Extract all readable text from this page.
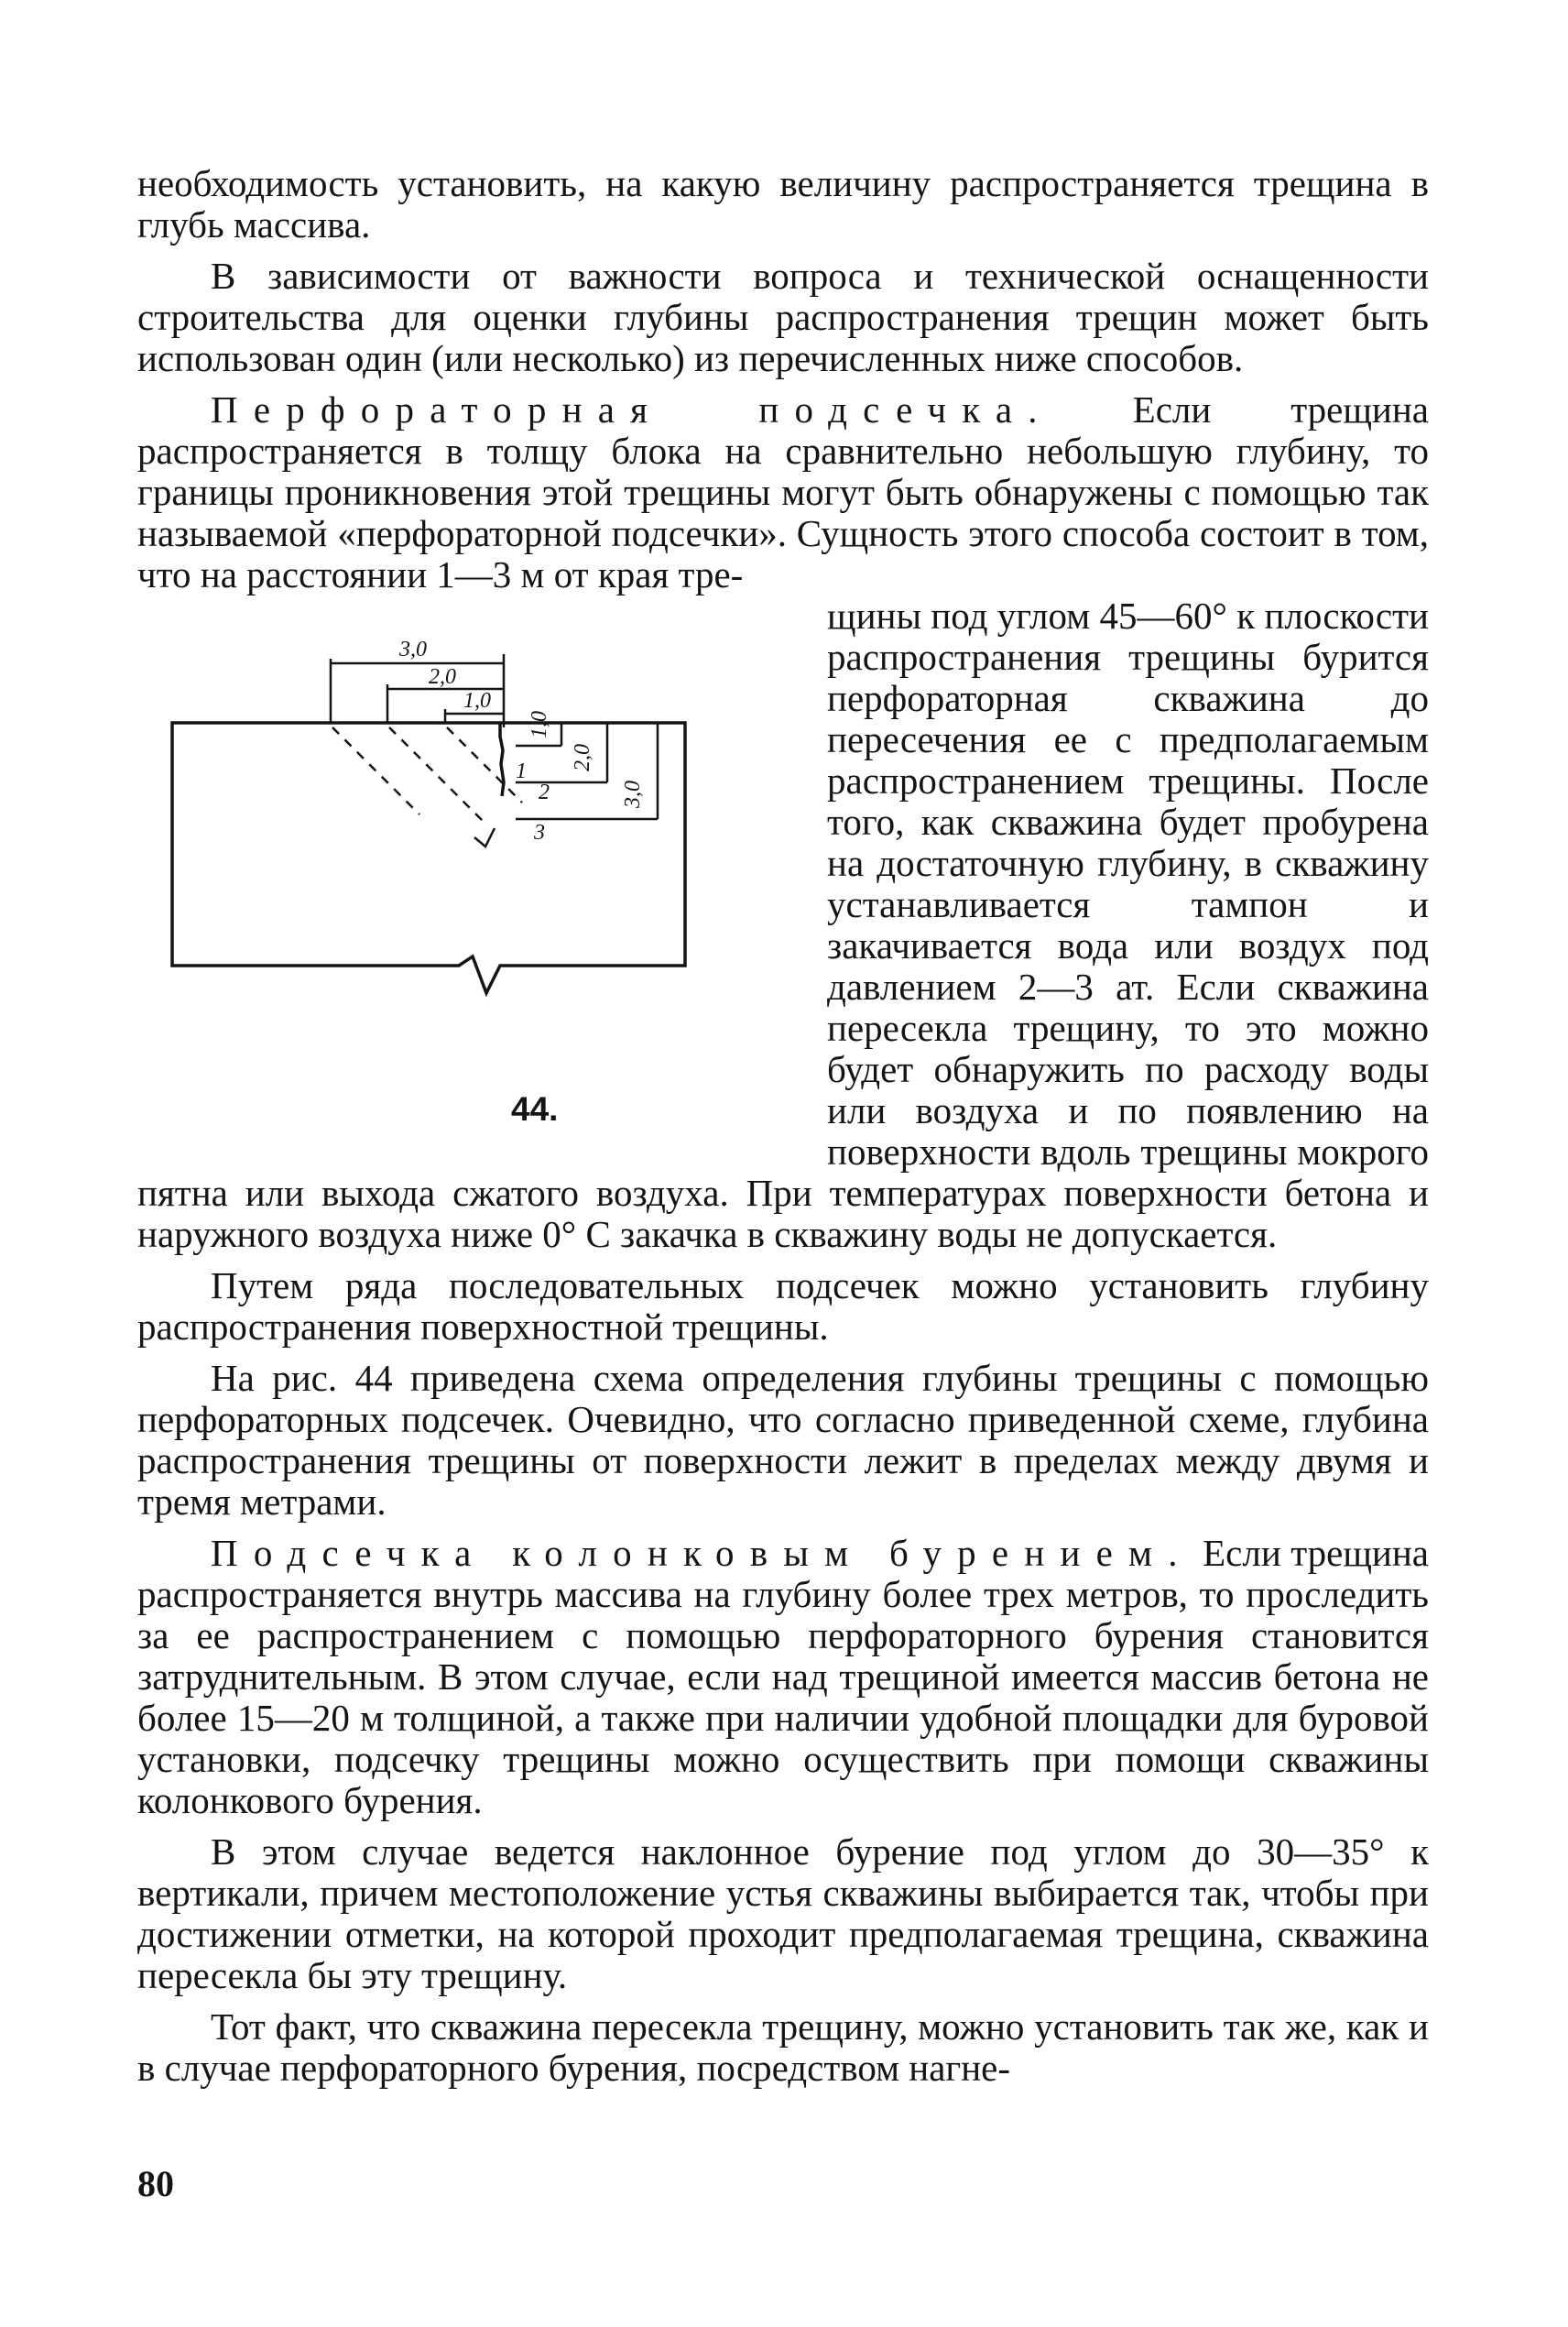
необходимость установить, на какую величину распространяется трещина в глубь массива.

В зависимости от важности вопроса и технической оснащенности строительства для оценки глубины распространения трещин может быть использован один (или несколько) из перечисленных ниже способов.

Перфораторная подсечка. Если трещина распространяется в толщу блока на сравнительно небольшую глубину, то границы проникновения этой трещины могут быть обнаружены с помощью так называемой «перфораторной подсечки». Сущность этого способа состоит в том, что на расстоянии 1—3 м от края тре-

3,0
2,0
1,0
1,0
2,0
3,0
1
2
3
44.

щины под углом 45—60° к плоскости распространения трещины бурится перфораторная скважина до пересечения ее с предполагаемым распространением трещины. После того, как скважина будет пробурена на достаточную глубину, в скважину устанавливается тампон и закачивается вода или воздух под давлением 2—3 ат. Если скважина пересекла трещину, то это можно будет обнаружить по расходу воды или воздуха и по появлению на поверхности вдоль трещины мокрого пятна или выхода сжатого воздуха. При температурах поверхности бетона и наружного воздуха ниже 0° С закачка в скважину воды не допускается.

Путем ряда последовательных подсечек можно установить глубину распространения поверхностной трещины.

На рис. 44 приведена схема определения глубины трещины с помощью перфораторных подсечек. Очевидно, что согласно приведенной схеме, глубина распространения трещины от поверхности лежит в пределах между двумя и тремя метрами.

Подсечка колонковым бурением. Если трещина распространяется внутрь массива на глубину более трех метров, то проследить за ее распространением с помощью перфораторного бурения становится затруднительным. В этом случае, если над трещиной имеется массив бетона не более 15—20 м толщиной, а также при наличии удобной площадки для буровой установки, подсечку трещины можно осуществить при помощи скважины колонкового бурения.

В этом случае ведется наклонное бурение под углом до 30—35° к вертикали, причем местоположение устья скважины выбирается так, чтобы при достижении отметки, на которой проходит предполагаемая трещина, скважина пересекла бы эту трещину.

Тот факт, что скважина пересекла трещину, можно установить так же, как и в случае перфораторного бурения, посредством нагне-

80
